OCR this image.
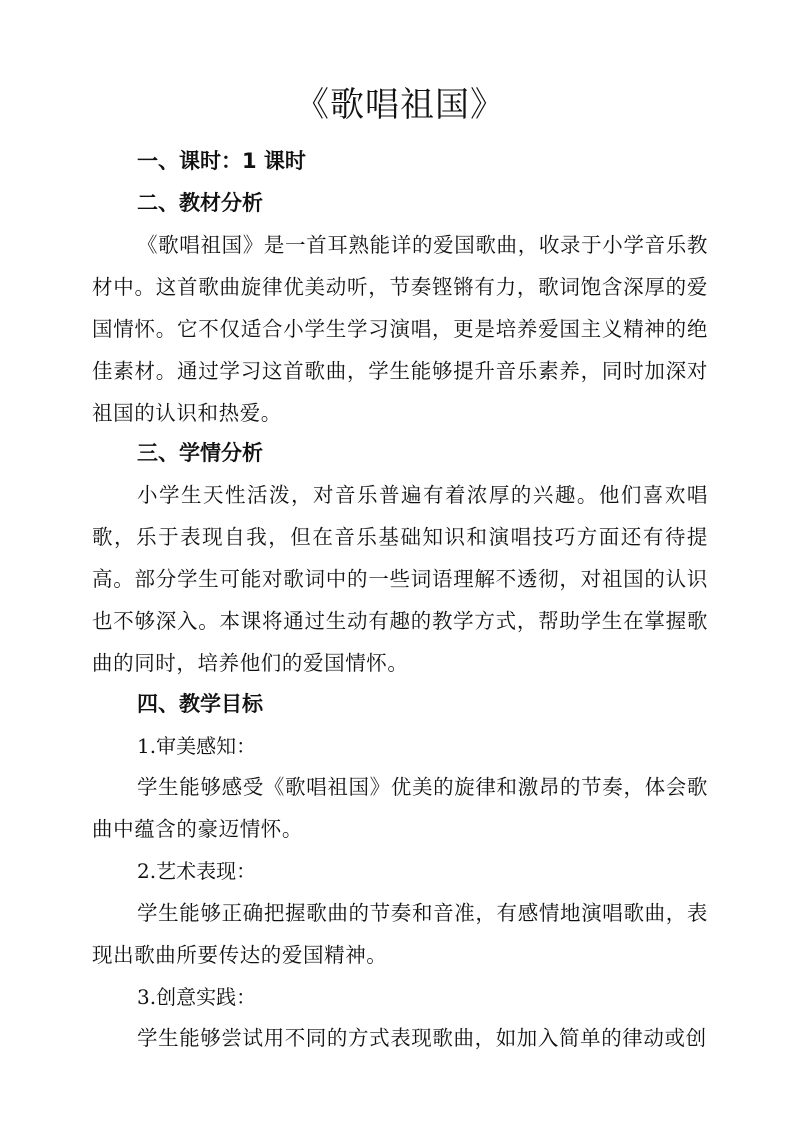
《歌唱祖国》
一、课时：1 课时
二、教材分析
《歌唱祖国》是一首耳熟能详的爱国歌曲，收录于小学音乐教材中。这首歌曲旋律优美动听，节奏铿锵有力，歌词饱含深厚的爱国情怀。它不仅适合小学生学习演唱，更是培养爱国主义精神的绝佳素材。通过学习这首歌曲，学生能够提升音乐素养，同时加深对祖国的认识和热爱。
三、学情分析
小学生天性活泼，对音乐普遍有着浓厚的兴趣。他们喜欢唱歌，乐于表现自我，但在音乐基础知识和演唱技巧方面还有待提高。部分学生可能对歌词中的一些词语理解不透彻，对祖国的认识也不够深入。本课将通过生动有趣的教学方式，帮助学生在掌握歌曲的同时，培养他们的爱国情怀。
四、教学目标
1.审美感知：
学生能够感受《歌唱祖国》优美的旋律和激昂的节奏，体会歌曲中蕴含的豪迈情怀。
2.艺术表现：
学生能够正确把握歌曲的节奏和音准，有感情地演唱歌曲，表现出歌曲所要传达的爱国精神。
3.创意实践：
学生能够尝试用不同的方式表现歌曲，如加入简单的律动或创
